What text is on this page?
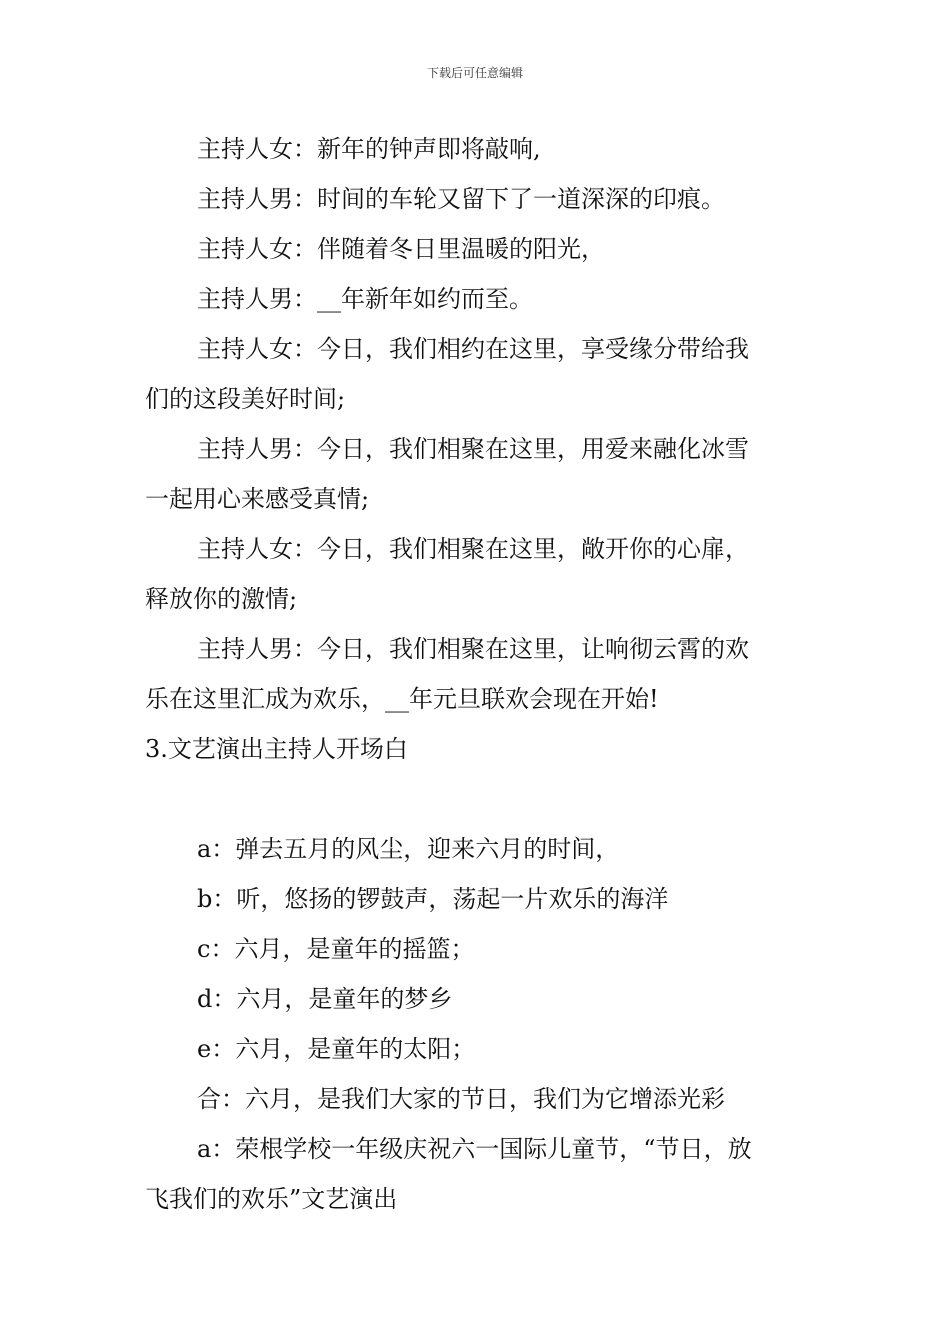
下载后可任意编辑
主持人女：新年的钟声即将敲响,
主持人男：时间的车轮又留下了一道深深的印痕。
主持人女：伴随着冬日里温暖的阳光，
主持人男：__年新年如约而至。
主持人女：今日，我们相约在这里，享受缘分带给我
们的这段美好时间;
主持人男：今日，我们相聚在这里，用爱来融化冰雪
一起用心来感受真情;
主持人女：今日，我们相聚在这里，敞开你的心扉，
释放你的激情;
主持人男：今日，我们相聚在这里，让响彻云霄的欢
乐在这里汇成为欢乐，__年元旦联欢会现在开始!
3.文艺演出主持人开场白
a：弹去五月的风尘，迎来六月的时间，
b：听，悠扬的锣鼓声，荡起一片欢乐的海洋
c：六月，是童年的摇篮；
d：六月，是童年的梦乡
e：六月，是童年的太阳；
合：六月，是我们大家的节日，我们为它增添光彩
a：荣根学校一年级庆祝六一国际儿童节，“节日，放
飞我们的欢乐”文艺演出
